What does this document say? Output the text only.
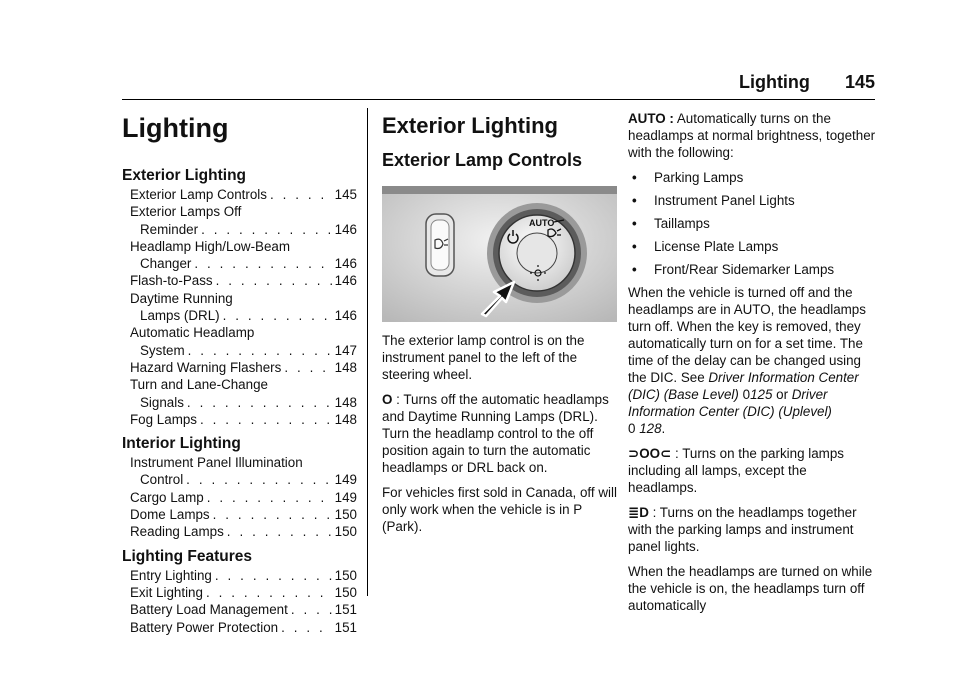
Lighting 145
Lighting
Exterior Lighting
Exterior Lamp Controls . . .	145
Exterior Lamps Off
Reminder . . .	146
Headlamp High/Low-Beam
Changer . . .	146
Flash-to-Pass . . .	146
Daytime Running
Lamps (DRL) . . .	146
Automatic Headlamp
System . . .	147
Hazard Warning Flashers . . .	148
Turn and Lane-Change
Signals . . .	148
Fog Lamps . . .	148
Interior Lighting
Instrument Panel Illumination
Control . . .	149
Cargo Lamp . . .	149
Dome Lamps . . .	150
Reading Lamps . . .	150
Lighting Features
Entry Lighting . . .	150
Exit Lighting . . .	150
Battery Load Management . . .	151
Battery Power Protection . . .	151
Exterior Lighting
Exterior Lamp Controls
AUTO

The exterior lamp control is on the instrument panel to the left of the steering wheel.

O : Turns off the automatic headlamps and Daytime Running Lamps (DRL). Turn the headlamp control to the off position again to turn the automatic headlamps or DRL back on.

For vehicles first sold in Canada, off will only work when the vehicle is in P (Park).

AUTO : Automatically turns on the headlamps at normal brightness, together with the following:

•	Parking Lamps
•	Instrument Panel Lights
•	Taillamps
•	License Plate Lamps
•	Front/Rear Sidemarker Lamps

When the vehicle is turned off and the headlamps are in AUTO, the headlamps turn off. When the key is removed, they automatically turn on for a set time. The time of the delay can be changed using the DIC. See Driver Information Center (DIC) (Base Level) 0125 or Driver Information Center (DIC) (Uplevel)
0 128.

⊃OO⊂ : Turns on the parking lamps including all lamps, except the headlamps.

≣D : Turns on the headlamps together with the parking lamps and instrument panel lights.

When the headlamps are turned on while the vehicle is on, the headlamps turn off automatically
